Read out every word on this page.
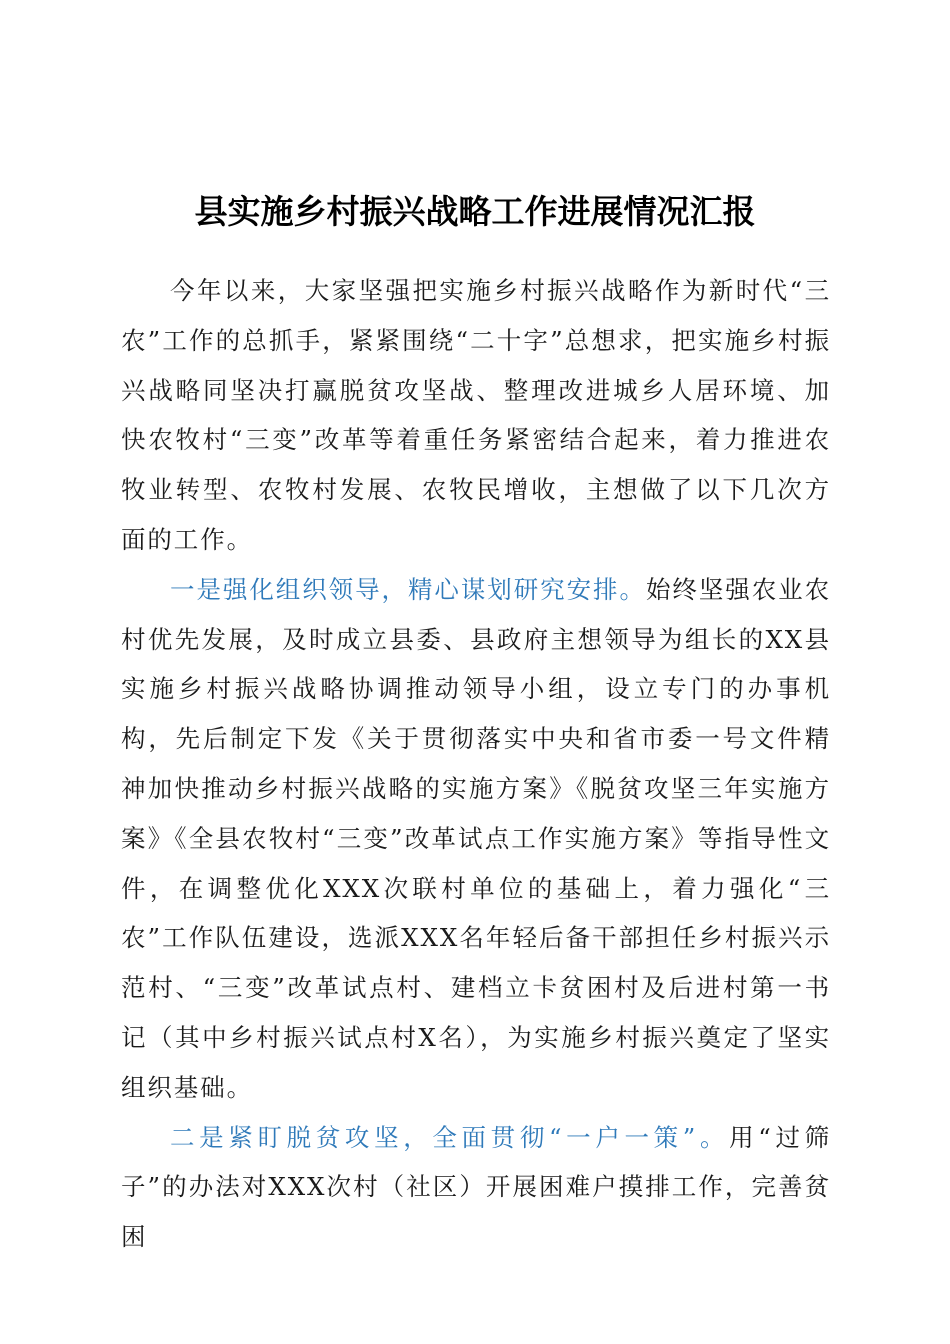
县实施乡村振兴战略工作进展情况汇报

今年以来，大家坚强把实施乡村振兴战略作为新时代“三农”工作的总抓手，紧紧围绕“二十字”总想求，把实施乡村振兴战略同坚决打赢脱贫攻坚战、整理改进城乡人居环境、加快农牧村“三变”改革等着重任务紧密结合起来，着力推进农牧业转型、农牧村发展、农牧民增收，主想做了以下几次方面的工作。

一是强化组织领导，精心谋划研究安排。始终坚强农业农村优先发展，及时成立县委、县政府主想领导为组长的XX县实施乡村振兴战略协调推动领导小组，设立专门的办事机构，先后制定下发《关于贯彻落实中央和省市委一号文件精神加快推动乡村振兴战略的实施方案》《脱贫攻坚三年实施方案》《全县农牧村“三变”改革试点工作实施方案》等指导性文件，在调整优化XXX次联村单位的基础上，着力强化“三农”工作队伍建设，选派XXX名年轻后备干部担任乡村振兴示范村、“三变”改革试点村、建档立卡贫困村及后进村第一书记（其中乡村振兴试点村X名），为实施乡村振兴奠定了坚实组织基础。

二是紧盯脱贫攻坚，全面贯彻“一户一策”。用“过筛子”的办法对XXX次村（社区）开展困难户摸排工作，完善贫困
